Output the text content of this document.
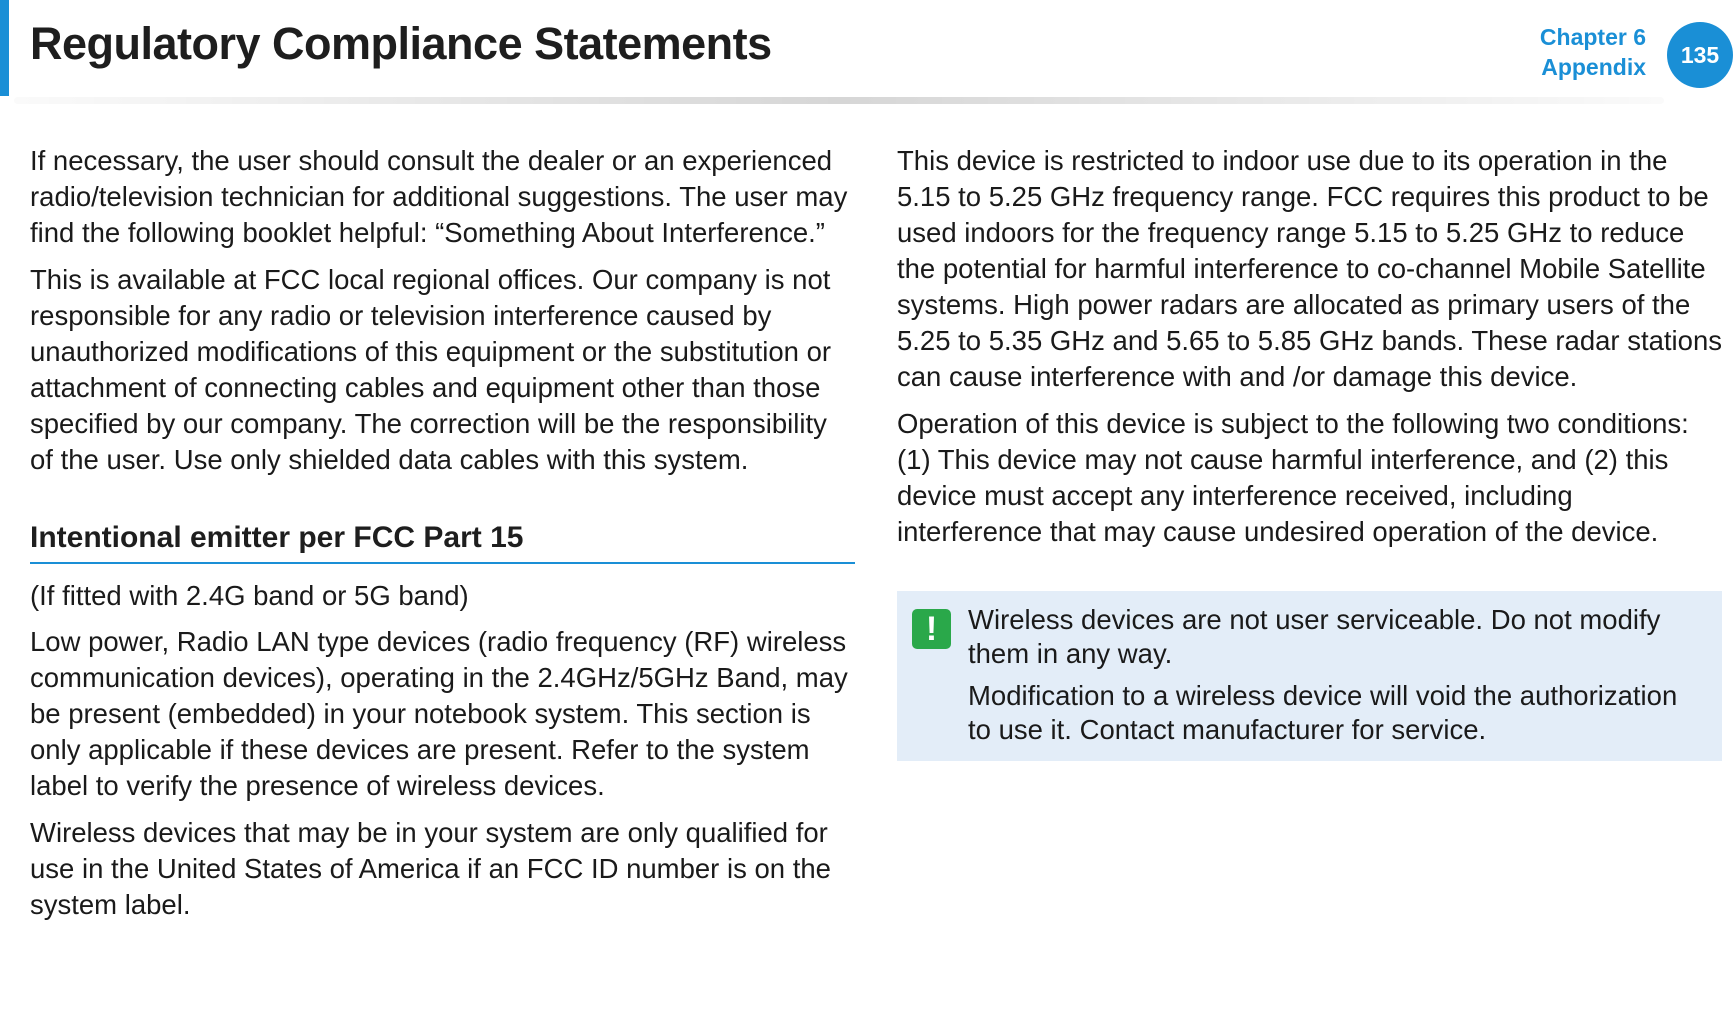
Regulatory Compliance Statements	Chapter 6
Appendix	135

If necessary, the user should consult the dealer or an experienced radio/television technician for additional suggestions. The user may find the following booklet helpful: “Something About Interference.”

This is available at FCC local regional offices. Our company is not responsible for any radio or television interference caused by unauthorized modifications of this equipment or the substitution or attachment of connecting cables and equipment other than those specified by our company. The correction will be the responsibility of the user. Use only shielded data cables with this system.

Intentional emitter per FCC Part 15

(If fitted with 2.4G band or 5G band)

Low power, Radio LAN type devices (radio frequency (RF) wireless communication devices), operating in the 2.4GHz/5GHz Band, may be present (embedded) in your notebook system. This section is only applicable if these devices are present. Refer to the system label to verify the presence of wireless devices.

Wireless devices that may be in your system are only qualified for use in the United States of America if an FCC ID number is on the system label.

This device is restricted to indoor use due to its operation in the 5.15 to 5.25 GHz frequency range. FCC requires this product to be used indoors for the frequency range 5.15 to 5.25 GHz to reduce the potential for harmful interference to co-channel Mobile Satellite systems. High power radars are allocated as primary users of the 5.25 to 5.35 GHz and 5.65 to 5.85 GHz bands. These radar stations can cause interference with and /or damage this device.

Operation of this device is subject to the following two conditions: (1) This device may not cause harmful interference, and (2) this device must accept any interference received, including interference that may cause undesired operation of the device.

!	Wireless devices are not user serviceable. Do not modify them in any way.

Modification to a wireless device will void the authorization to use it. Contact manufacturer for service.
